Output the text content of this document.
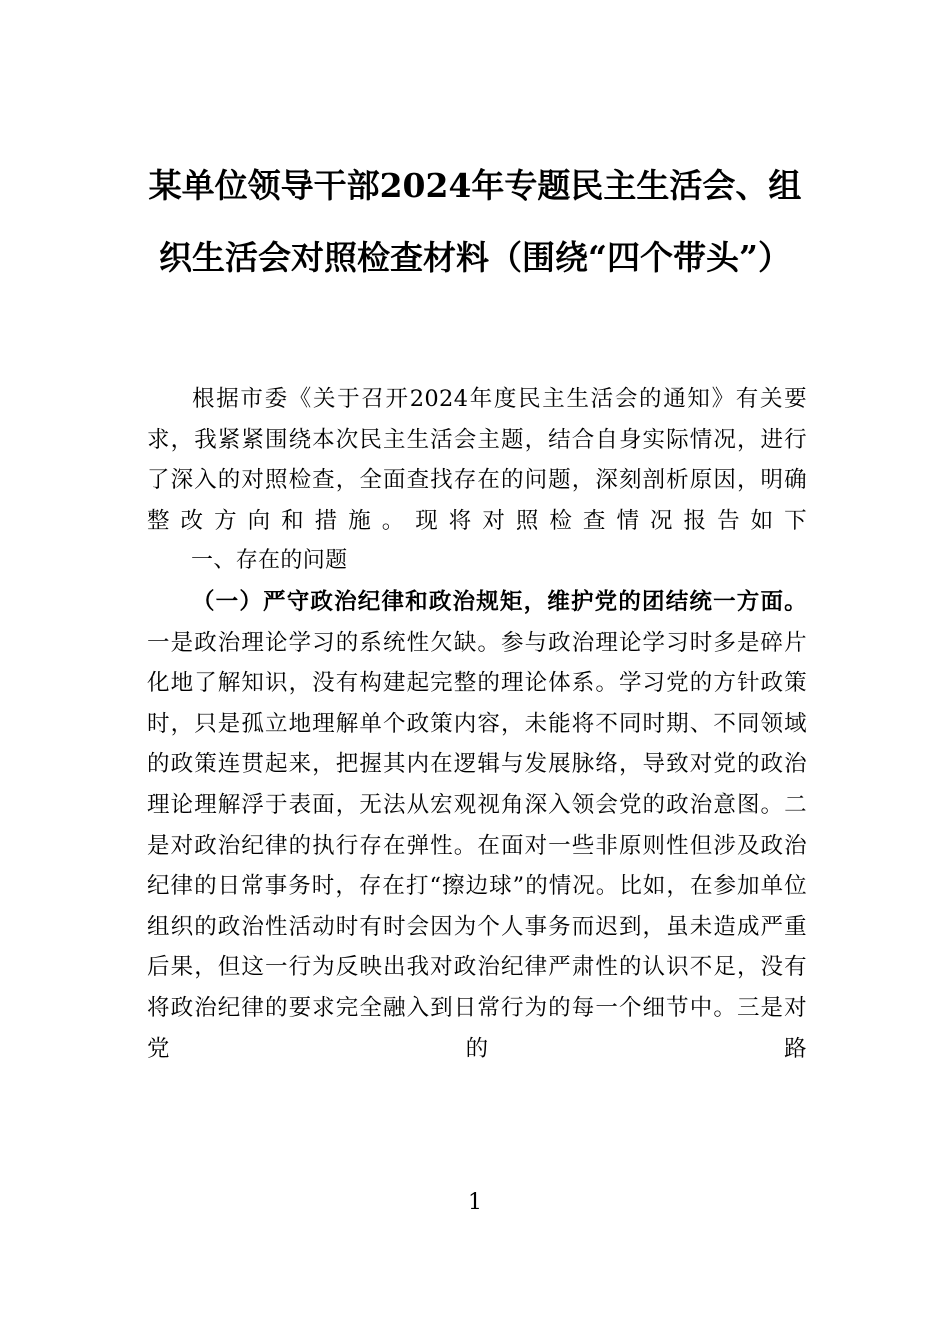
某单位领导干部2024年专题民主生活会、组织生活会对照检查材料（围绕“四个带头”）

根据市委《关于召开2024年度民主生活会的通知》有关要求，我紧紧围绕本次民主生活会主题，结合自身实际情况，进行了深入的对照检查，全面查找存在的问题，深刻剖析原因，明确整改方向和措施。现将对照检查情况报告如下

一、存在的问题

（一）严守政治纪律和政治规矩，维护党的团结统一方面。一是政治理论学习的系统性欠缺。参与政治理论学习时多是碎片化地了解知识，没有构建起完整的理论体系。学习党的方针政策时，只是孤立地理解单个政策内容，未能将不同时期、不同领域的政策连贯起来，把握其内在逻辑与发展脉络，导致对党的政治理论理解浮于表面，无法从宏观视角深入领会党的政治意图。二是对政治纪律的执行存在弹性。在面对一些非原则性但涉及政治纪律的日常事务时，存在打“擦边球”的情况。比如，在参加单位组织的政治性活动时有时会因为个人事务而迟到，虽未造成严重后果，但这一行为反映出我对政治纪律严肃性的认识不足，没有将政治纪律的要求完全融入到日常行为的每一个细节中。三是对党的路

1
